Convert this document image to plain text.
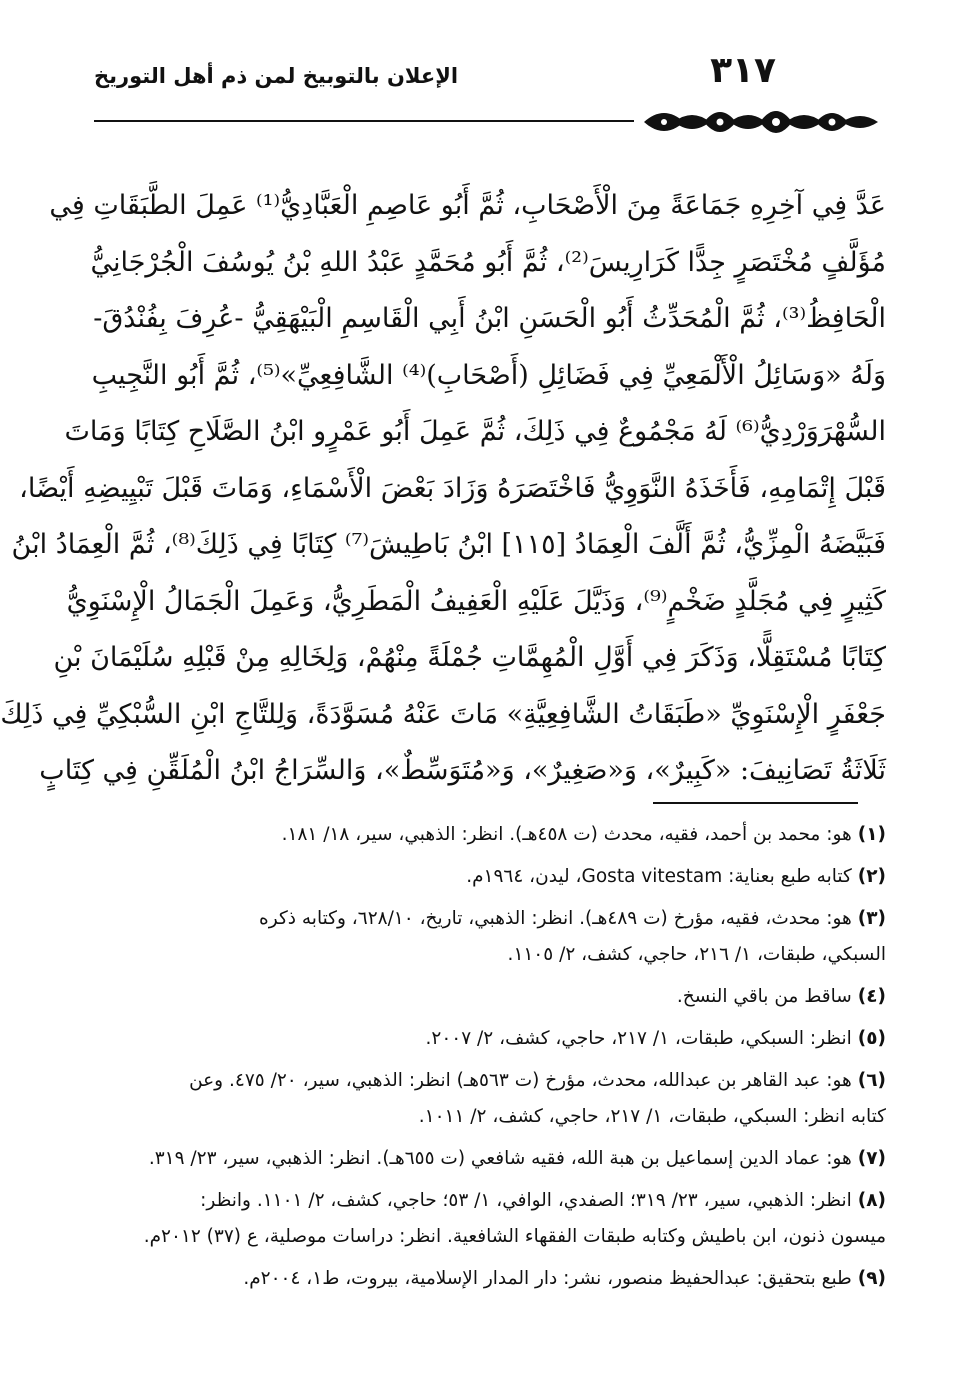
٣١٧
الإعلان بالتوبيخ لمن ذم أهل التوريخ
عَدَّ فِي آخِرِهِ جَمَاعَةً مِنَ الْأَصْحَابِ، ثُمَّ أَبُو عَاصِمِ الْعَبَّادِيُّ⁽¹⁾ عَمِلَ الطَّبَقَاتِ فِي
مُؤَلَّفٍ مُخْتَصَرٍ جِدًّا كَرَارِيسَ⁽²⁾، ثُمَّ أَبُو مُحَمَّدٍ عَبْدُ اللهِ بْنُ يُوسُفَ الْجُرْجَانِيُّ
الْحَافِظُ⁽³⁾، ثُمَّ الْمُحَدِّثُ أَبُو الْحَسَنِ ابْنُ أَبِي الْقَاسِمِ الْبَيْهَقِيُّ -عُرِفَ بِفُنْدُقَ-
وَلَهُ «وَسَائِلُ الْأَلْمَعِيِّ فِي فَضَائِلِ (أَصْحَابِ)⁽⁴⁾ الشَّافِعِيِّ»⁽⁵⁾، ثُمَّ أَبُو النَّجِيبِ
السُّهْرَوَرْدِيُّ⁽⁶⁾ لَهُ مَجْمُوعٌ فِي ذَلِكَ، ثُمَّ عَمِلَ أَبُو عَمْرٍو ابْنُ الصَّلَاحِ كِتَابًا وَمَاتَ
قَبْلَ إِتْمَامِهِ، فَأَخَذَهُ النَّوَوِيُّ فَاخْتَصَرَهُ وَزَادَ بَعْضَ الْأَسْمَاءِ، وَمَاتَ قَبْلَ تَبْيِيضِهِ أَيْضًا،
فَبَيَّضَهُ الْمِزِّيُّ، ثُمَّ أَلَّفَ الْعِمَادُ [١١٥] ابْنُ بَاطِيشَ⁽⁷⁾ كِتَابًا فِي ذَلِكَ⁽⁸⁾، ثُمَّ الْعِمَادُ ابْنُ
كَثِيرٍ فِي مُجَلَّدٍ ضَخْمٍ⁽⁹⁾، وَذَيَّلَ عَلَيْهِ الْعَفِيفُ الْمَطَرِيُّ، وَعَمِلَ الْجَمَالُ الْإِسْنَوِيُّ
كِتَابًا مُسْتَقِلًّا، وَذَكَرَ فِي أَوَّلِ الْمُهِمَّاتِ جُمْلَةً مِنْهُمْ، وَلِخَالِهِ مِنْ قَبْلِهِ سُلَيْمَانَ بْنِ
جَعْفَرٍ الْإِسْنَوِيِّ «طَبَقَاتُ الشَّافِعِيَّةِ» مَاتَ عَنْهُ مُسَوَّدَةً، وَلِلتَّاجِ ابْنِ السُّبْكِيِّ فِي ذَلِكَ
ثَلَاثَةُ تَصَانِيفَ: «كَبِيرٌ»، وَ«صَغِيرٌ»، وَ«مُتَوَسِّطٌ»، وَالسِّرَاجُ ابْنُ الْمُلَقِّنِ فِي كِتَابٍ
(١)هو: محمد بن أحمد، فقيه، محدث (ت ٤٥٨هـ). انظر: الذهبي، سير، ١٨/ ١٨١.
(٢)كتابه طبع بعناية: Gosta vitestam، ليدن، ١٩٦٤م.
(٣)هو: محدث، فقيه، مؤرخ (ت ٤٨٩هـ). انظر: الذهبي، تاريخ، ٦٢٨/١٠، وكتابه ذكره
السبكي، طبقات، ١/ ٢١٦، حاجي، كشف، ٢/ ١١٠٥.
(٤)ساقط من باقي النسخ.
(٥)انظر: السبكي، طبقات، ١/ ٢١٧، حاجي، كشف، ٢/ ٢٠٠٧.
(٦)هو: عبد القاهر بن عبدالله، محدث، مؤرخ (ت ٥٦٣هـ) انظر: الذهبي، سير، ٢٠/ ٤٧٥. وعن
كتابه انظر: السبكي، طبقات، ١/ ٢١٧، حاجي، كشف، ٢/ ١٠١١.
(٧)هو: عماد الدين إسماعيل بن هبة الله، فقيه شافعي (ت ٦٥٥هـ). انظر: الذهبي، سير، ٢٣/ ٣١٩.
(٨)انظر: الذهبي، سير، ٢٣/ ٣١٩؛ الصفدي، الوافي، ١/ ٥٣؛ حاجي، كشف، ٢/ ١١٠١. وانظر:
ميسون ذنون، ابن باطيش وكتابه طبقات الفقهاء الشافعية. انظر: دراسات موصلية، ع (٣٧) ٢٠١٢م.
(٩)طبع بتحقيق: عبدالحفيظ منصور، نشر: دار المدار الإسلامية، بيروت، ط١، ٢٠٠٤م.
